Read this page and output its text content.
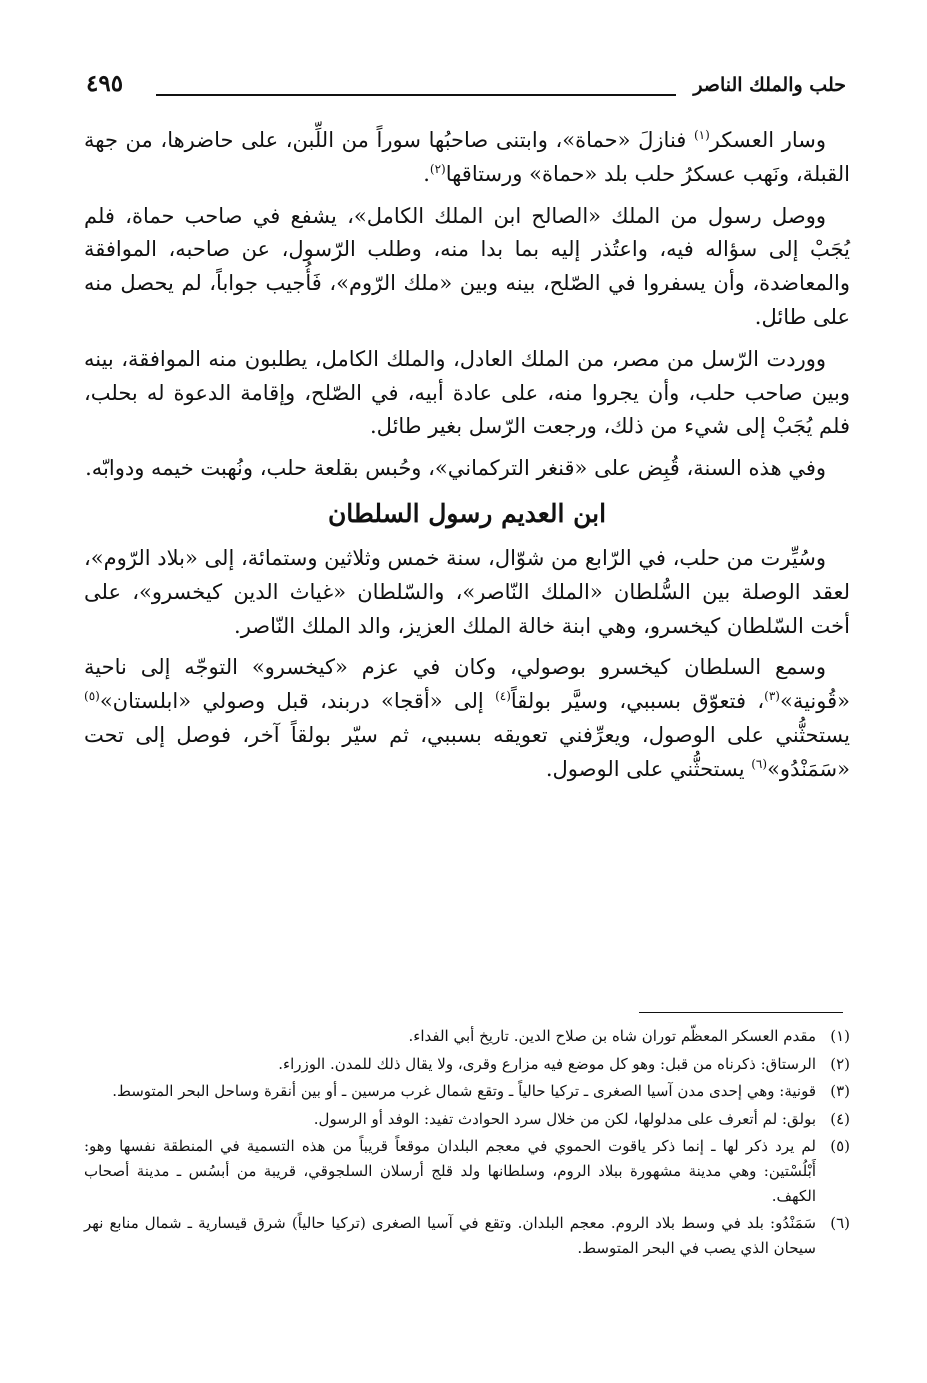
حلب والملك الناصر
٤٩٥

وسار العسكر$^{(١)}$ فنازلَ «حماة»، وابتنى صاحبُها سوراً من اللِّبن، على حاضرها، من جهة القبلة، ونَهب عسكرُ حلب بلد «حماة» ورستاقها$^{(٢)}$.

ووصل رسول من الملك «الصالح ابن الملك الكامل»، يشفع في صاحب حماة، فلم يُجَبْ إلى سؤاله فيه، واعتُذر إليه بما بدا منه، وطلب الرّسول، عن صاحبه، الموافقة والمعاضدة، وأن يسفروا في الصّلح، بينه وبين «ملك الرّوم»، فَأُجيب جواباً، لم يحصل منه على طائل.

ووردت الرّسل من مصر، من الملك العادل، والملك الكامل، يطلبون منه الموافقة، بينه وبين صاحب حلب، وأن يجروا منه، على عادة أبيه، في الصّلح، وإقامة الدعوة له بحلب، فلم يُجَبْ إلى شيء من ذلك، ورجعت الرّسل بغير طائل.

وفي هذه السنة، قُبِض على «قنغر التركماني»، وحُبس بقلعة حلب، ونُهبت خيمه ودوابّه.

ابن العديم رسول السلطان

وسُيِّرت من حلب، في الرّابع من شوّال، سنة خمس وثلاثين وستمائة، إلى «بلاد الرّوم»، لعقد الوصلة بين السُّلطان «الملك النّاصر»، والسّلطان «غياث الدين كيخسرو»، على أخت السّلطان كيخسرو، وهي ابنة خالة الملك العزيز، والد الملك النّاصر.

وسمع السلطان كيخسرو بوصولي، وكان في عزم «كيخسرو» التوجّه إلى ناحية «قُونية»$^{(٣)}$، فتعوّق بسببي، وسيَّر بولقاً$^{(٤)}$ إلى «أقجا» دربند، قبل وصولي «ابلستان»$^{(٥)}$ يستحثُّني على الوصول، ويعرِّفني تعويقه بسببي، ثم سيّر بولقاً آخر، فوصل إلى تحت «سَمَنْدُو»$^{(٦)}$ يستحثُّني على الوصول.

(١)
مقدم العسكر المعظّم توران شاه بن صلاح الدين. تاريخ أبي الفداء.
(٢)
الرستاق: ذكرناه من قبل: وهو كل موضع فيه مزارع وقرى، ولا يقال ذلك للمدن. الوزراء.
(٣)
قونية: وهي إحدى مدن آسيا الصغرى ـ تركيا حالياً ـ وتقع شمال غرب مرسين ـ أو بين أنقرة وساحل البحر المتوسط.
(٤)
بولق: لم أتعرف على مدلولها، لكن من خلال سرد الحوادث تفيد: الوفد أو الرسول.
(٥)
لم يرد ذكر لها ـ إنما ذكر ياقوت الحموي في معجم البلدان موقعاً قريباً من هذه التسمية في المنطقة نفسها وهو: أَبْلُسْتين: وهي مدينة مشهورة ببلاد الروم، وسلطانها ولد قلج أرسلان السلجوقي، قريبة من أبسُس ـ مدينة أصحاب الكهف.
(٦)
سَمَنْدُو: بلد في وسط بلاد الروم. معجم البلدان. وتقع في آسيا الصغرى (تركيا حالياً) شرق قيسارية ـ شمال منابع نهر سيحان الذي يصب في البحر المتوسط.
